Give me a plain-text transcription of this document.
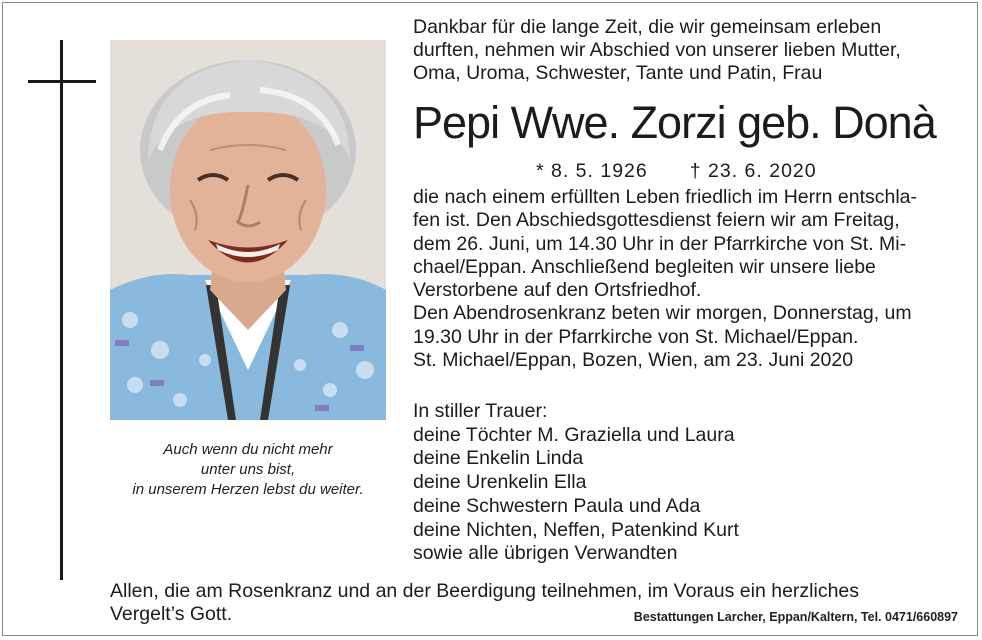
Auch wenn du nicht mehr
unter uns bist,
in unserem Herzen lebst du weiter.
Dankbar für die lange Zeit, die wir gemeinsam erleben
durften, nehmen wir Abschied von unserer lieben Mutter,
Oma, Uroma, Schwester, Tante und Patin, Frau
Pepi Wwe. Zorzi geb. Donà
* 8. 5. 1926 † 23. 6. 2020
die nach einem erfüllten Leben friedlich im Herrn entschla-
fen ist. Den Abschiedsgottesdienst feiern wir am Freitag,
dem 26. Juni, um 14.30 Uhr in der Pfarrkirche von St. Mi-
chael/Eppan. Anschließend begleiten wir unsere liebe
Verstorbene auf den Ortsfriedhof.
Den Abendrosenkranz beten wir morgen, Donnerstag, um
19.30 Uhr in der Pfarrkirche von St. Michael/Eppan.
St. Michael/Eppan, Bozen, Wien, am 23. Juni 2020
In stiller Trauer:
deine Töchter M. Graziella und Laura
deine Enkelin Linda
deine Urenkelin Ella
deine Schwestern Paula und Ada
deine Nichten, Neffen, Patenkind Kurt
sowie alle übrigen Verwandten
Allen, die am Rosenkranz und an der Beerdigung teilnehmen, im Voraus ein herzliches
Vergelt’s Gott.	Bestattungen Larcher, Eppan/Kaltern, Tel. 0471/660897
